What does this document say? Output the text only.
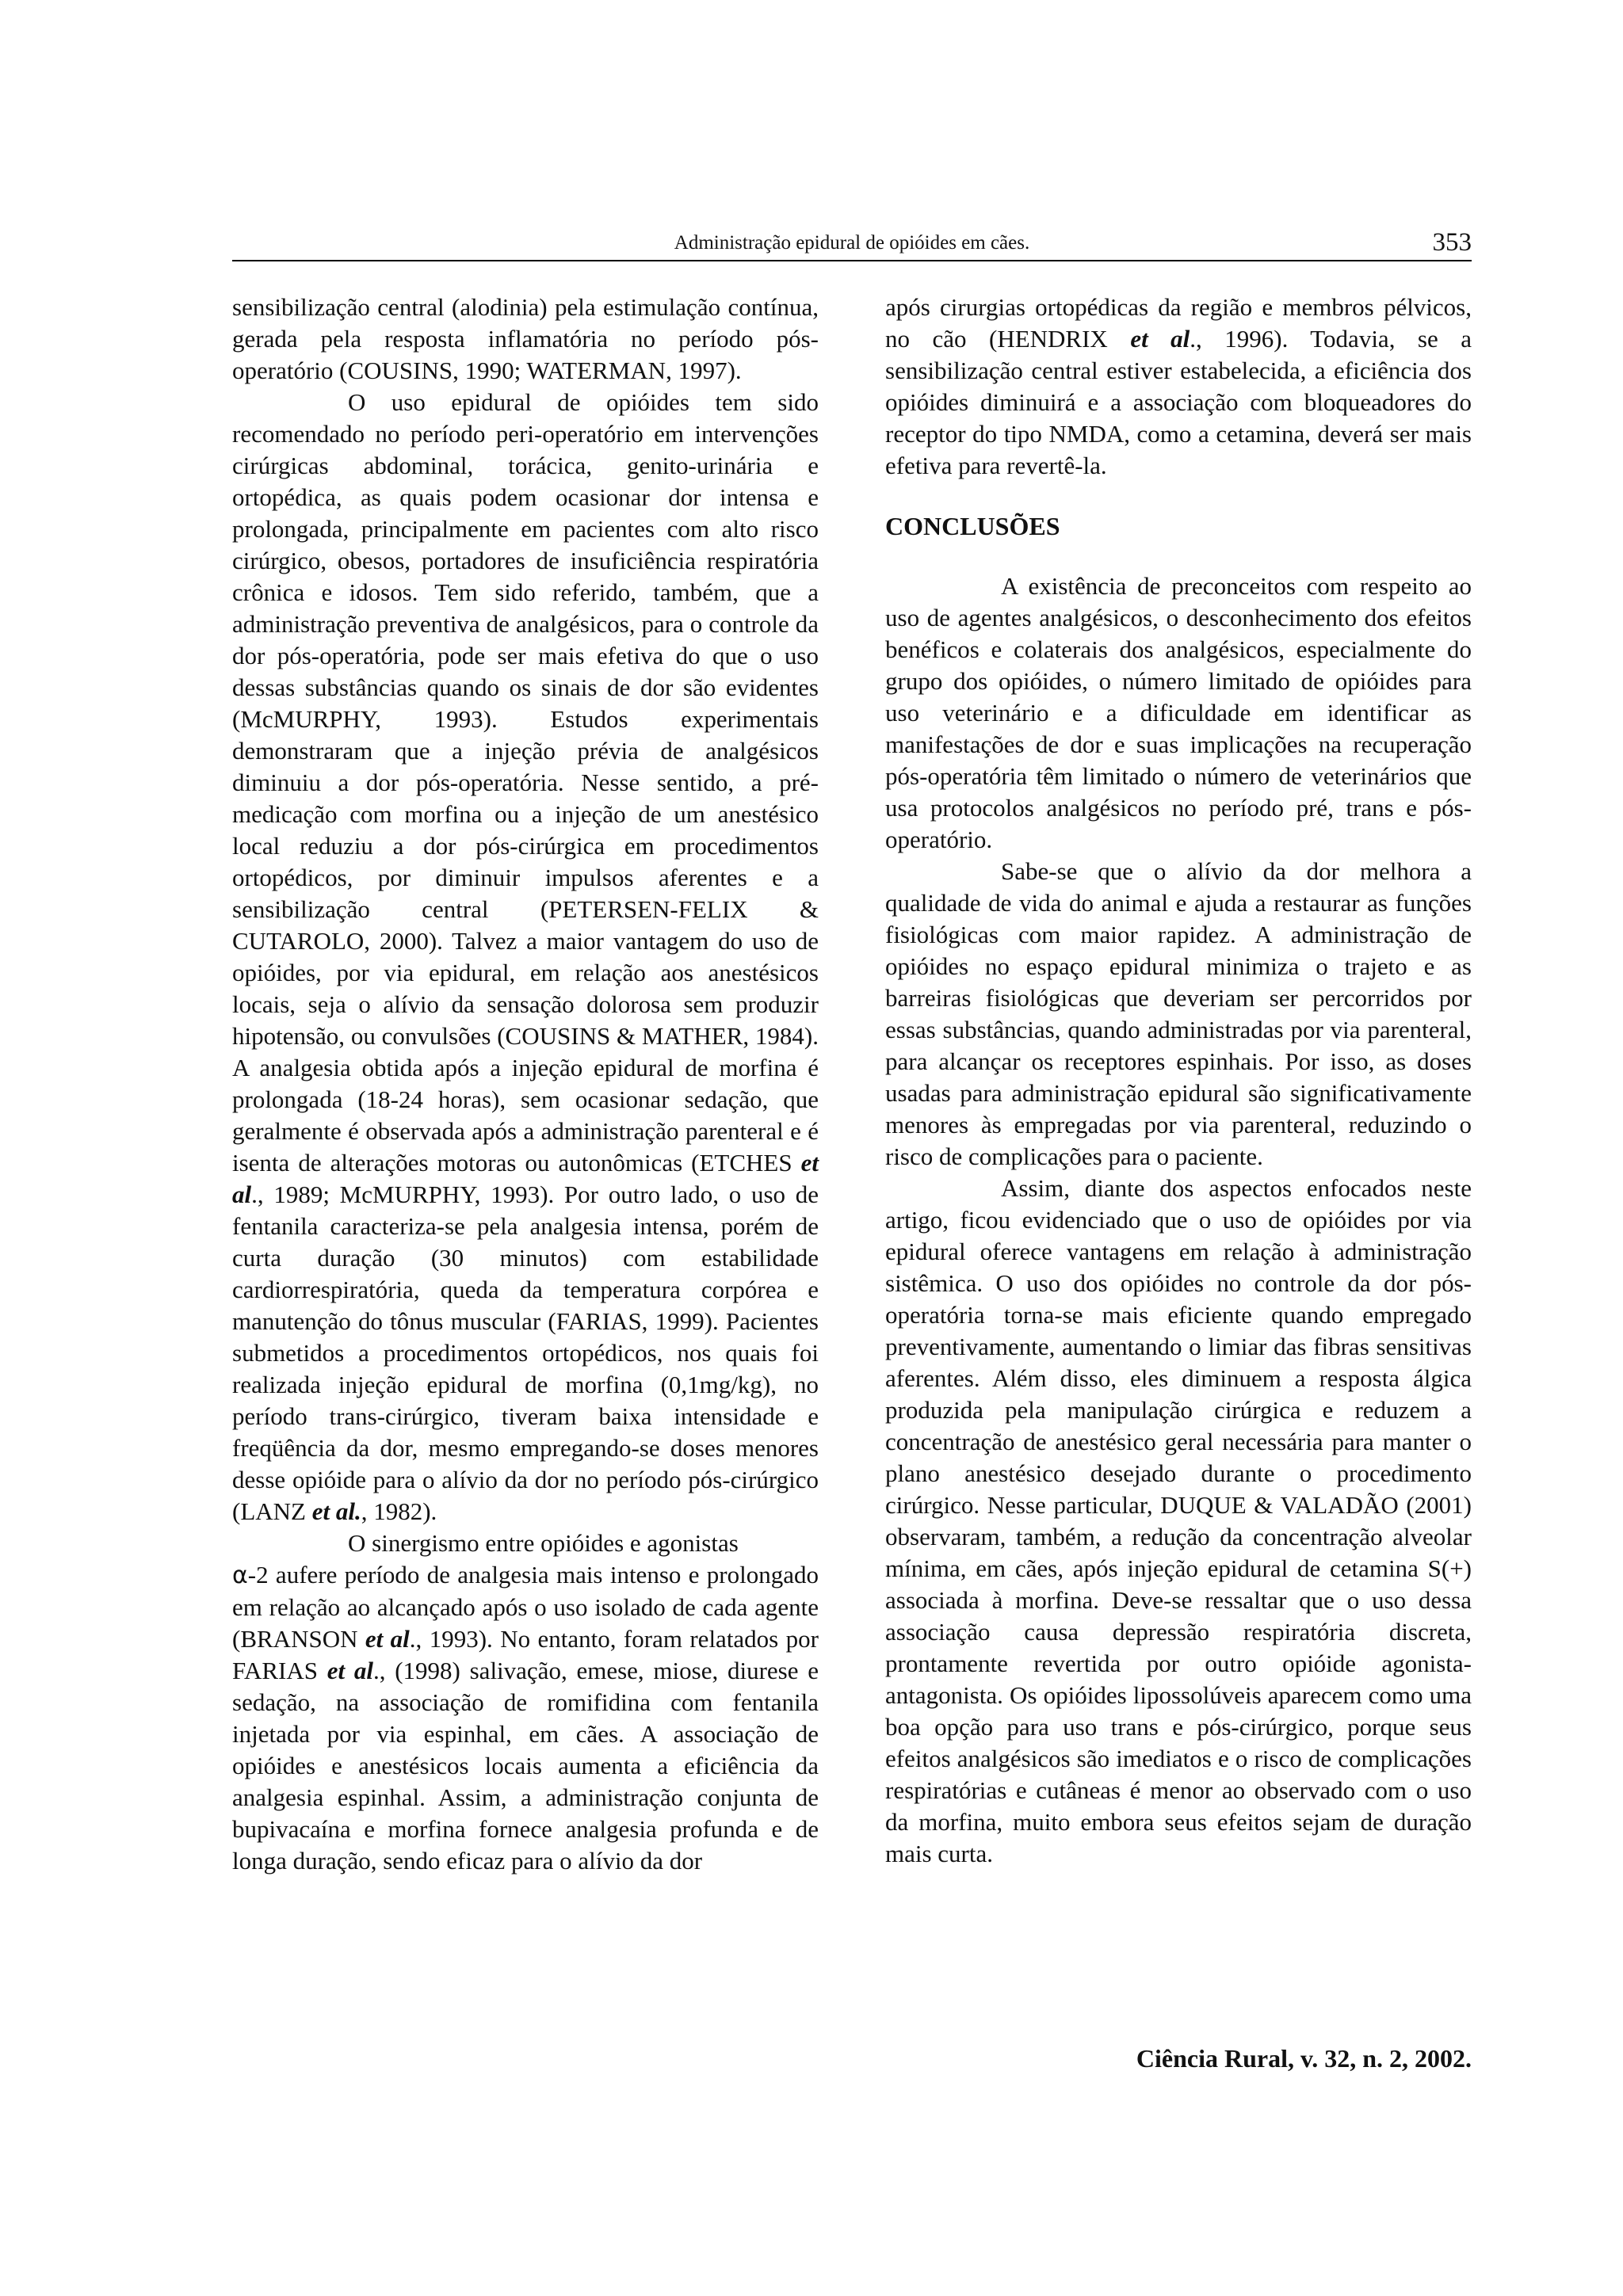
Administração epidural de opióides em cães.	353

sensibilização central (alodinia) pela estimulação contínua, gerada pela resposta inflamatória no período pós-operatório (COUSINS, 1990; WATERMAN, 1997).

O uso epidural de opióides tem sido recomendado no período peri-operatório em intervenções cirúrgicas abdominal, torácica, genito-urinária e ortopédica, as quais podem ocasionar dor intensa e prolongada, principalmente em pacientes com alto risco cirúrgico, obesos, portadores de insuficiência respiratória crônica e idosos. Tem sido referido, também, que a administração preventiva de analgésicos, para o controle da dor pós-operatória, pode ser mais efetiva do que o uso dessas substâncias quando os sinais de dor são evidentes (McMURPHY, 1993). Estudos experimentais demonstraram que a injeção prévia de analgésicos diminuiu a dor pós-operatória. Nesse sentido, a pré-medicação com morfina ou a injeção de um anestésico local reduziu a dor pós-cirúrgica em procedimentos ortopédicos, por diminuir impulsos aferentes e a sensibilização central (PETERSEN-FELIX & CUTAROLO, 2000). Talvez a maior vantagem do uso de opióides, por via epidural, em relação aos anestésicos locais, seja o alívio da sensação dolorosa sem produzir hipotensão, ou convulsões (COUSINS & MATHER, 1984). A analgesia obtida após a injeção epidural de morfina é prolongada (18-24 horas), sem ocasionar sedação, que geralmente é observada após a administração parenteral e é isenta de alterações motoras ou autonômicas (ETCHES et al., 1989; McMURPHY, 1993). Por outro lado, o uso de fentanila caracteriza-se pela analgesia intensa, porém de curta duração (30 minutos) com estabilidade cardiorrespiratória, queda da temperatura corpórea e manutenção do tônus muscular (FARIAS, 1999). Pacientes submetidos a procedimentos ortopédicos, nos quais foi realizada injeção epidural de morfina (0,1mg/kg), no período trans-cirúrgico, tiveram baixa intensidade e freqüência da dor, mesmo empregando-se doses menores desse opióide para o alívio da dor no período pós-cirúrgico (LANZ et al., 1982).

O sinergismo entre opióides e agonistas
α-2 aufere período de analgesia mais intenso e prolongado em relação ao alcançado após o uso isolado de cada agente (BRANSON et al., 1993). No entanto, foram relatados por FARIAS et al., (1998) salivação, emese, miose, diurese e sedação, na associação de romifidina com fentanila injetada por via espinhal, em cães. A associação de opióides e anestésicos locais aumenta a eficiência da analgesia espinhal. Assim, a administração conjunta de bupivacaína e morfina fornece analgesia profunda e de longa duração, sendo eficaz para o alívio da dor

após cirurgias ortopédicas da região e membros pélvicos, no cão (HENDRIX et al., 1996). Todavia, se a sensibilização central estiver estabelecida, a eficiência dos opióides diminuirá e a associação com bloqueadores do receptor do tipo NMDA, como a cetamina, deverá ser mais efetiva para revertê-la.

CONCLUSÕES

A existência de preconceitos com respeito ao uso de agentes analgésicos, o desconhecimento dos efeitos benéficos e colaterais dos analgésicos, especialmente do grupo dos opióides, o número limitado de opióides para uso veterinário e a dificuldade em identificar as manifestações de dor e suas implicações na recuperação pós-operatória têm limitado o número de veterinários que usa protocolos analgésicos no período pré, trans e pós-operatório.

Sabe-se que o alívio da dor melhora a qualidade de vida do animal e ajuda a restaurar as funções fisiológicas com maior rapidez. A administração de opióides no espaço epidural minimiza o trajeto e as barreiras fisiológicas que deveriam ser percorridos por essas substâncias, quando administradas por via parenteral, para alcançar os receptores espinhais. Por isso, as doses usadas para administração epidural são significativamente menores às empregadas por via parenteral, reduzindo o risco de complicações para o paciente.

Assim, diante dos aspectos enfocados neste artigo, ficou evidenciado que o uso de opióides por via epidural oferece vantagens em relação à administração sistêmica. O uso dos opióides no controle da dor pós-operatória torna-se mais eficiente quando empregado preventivamente, aumentando o limiar das fibras sensitivas aferentes. Além disso, eles diminuem a resposta álgica produzida pela manipulação cirúrgica e reduzem a concentração de anestésico geral necessária para manter o plano anestésico desejado durante o procedimento cirúrgico. Nesse particular, DUQUE & VALADÃO (2001) observaram, também, a redução da concentração alveolar mínima, em cães, após injeção epidural de cetamina S(+) associada à morfina. Deve-se ressaltar que o uso dessa associação causa depressão respiratória discreta, prontamente revertida por outro opióide agonista-antagonista. Os opióides lipossolúveis aparecem como uma boa opção para uso trans e pós-cirúrgico, porque seus efeitos analgésicos são imediatos e o risco de complicações respiratórias e cutâneas é menor ao observado com o uso da morfina, muito embora seus efeitos sejam de duração mais curta.

Ciência Rural, v. 32, n. 2, 2002.
